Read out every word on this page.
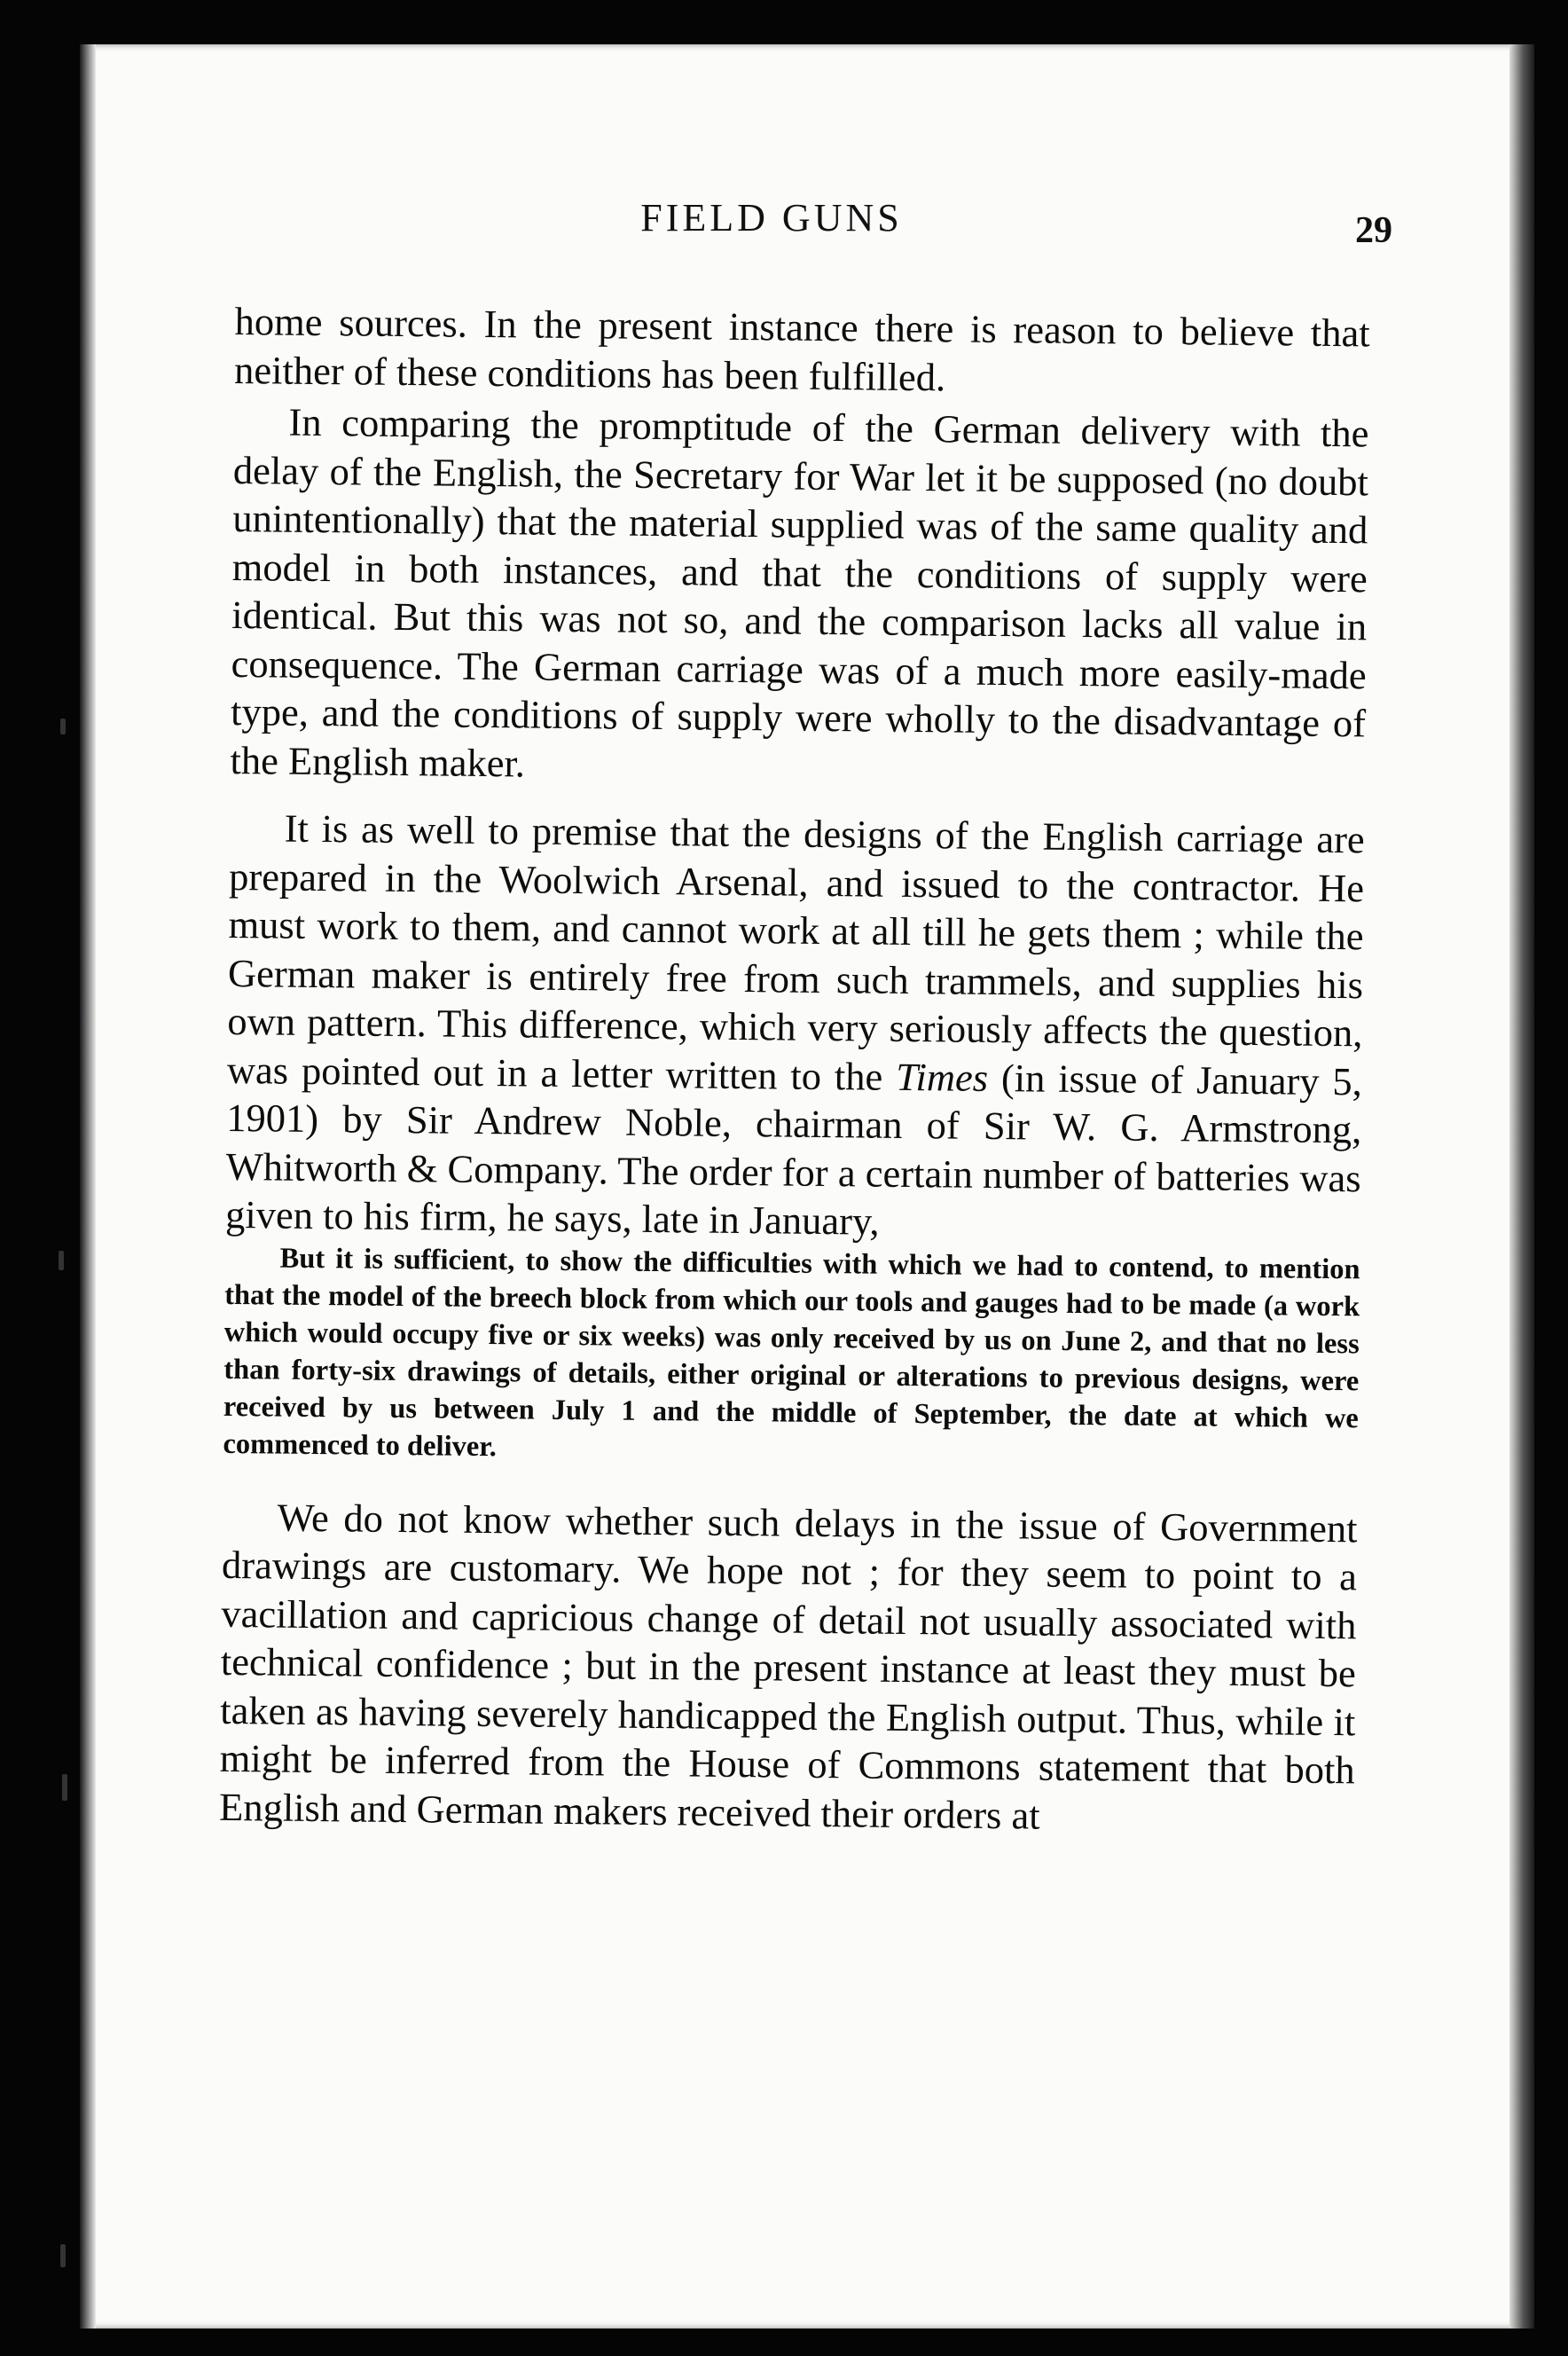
FIELD GUNS	29

home sources. In the present instance there is reason to believe that neither of these conditions has been fulfilled.

In comparing the promptitude of the German delivery with the delay of the English, the Secretary for War let it be supposed (no doubt unintentionally) that the material supplied was of the same quality and model in both instances, and that the conditions of supply were identical. But this was not so, and the comparison lacks all value in consequence. The German carriage was of a much more easily-made type, and the conditions of supply were wholly to the disadvantage of the English maker.

It is as well to premise that the designs of the English carriage are prepared in the Woolwich Arsenal, and issued to the contractor. He must work to them, and cannot work at all till he gets them ; while the German maker is entirely free from such trammels, and supplies his own pattern. This difference, which very seriously affects the question, was pointed out in a letter written to the Times (in issue of January 5, 1901) by Sir Andrew Noble, chairman of Sir W. G. Armstrong, Whitworth & Company. The order for a certain number of batteries was given to his firm, he says, late in January,

But it is sufficient, to show the difficulties with which we had to contend, to mention that the model of the breech block from which our tools and gauges had to be made (a work which would occupy five or six weeks) was only received by us on June 2, and that no less than forty-six drawings of details, either original or alterations to previous designs, were received by us between July 1 and the middle of September, the date at which we commenced to deliver.

We do not know whether such delays in the issue of Government drawings are customary. We hope not ; for they seem to point to a vacillation and capricious change of detail not usually associated with technical confidence ; but in the present instance at least they must be taken as having severely handicapped the English output. Thus, while it might be inferred from the House of Commons statement that both English and German makers received their orders at
